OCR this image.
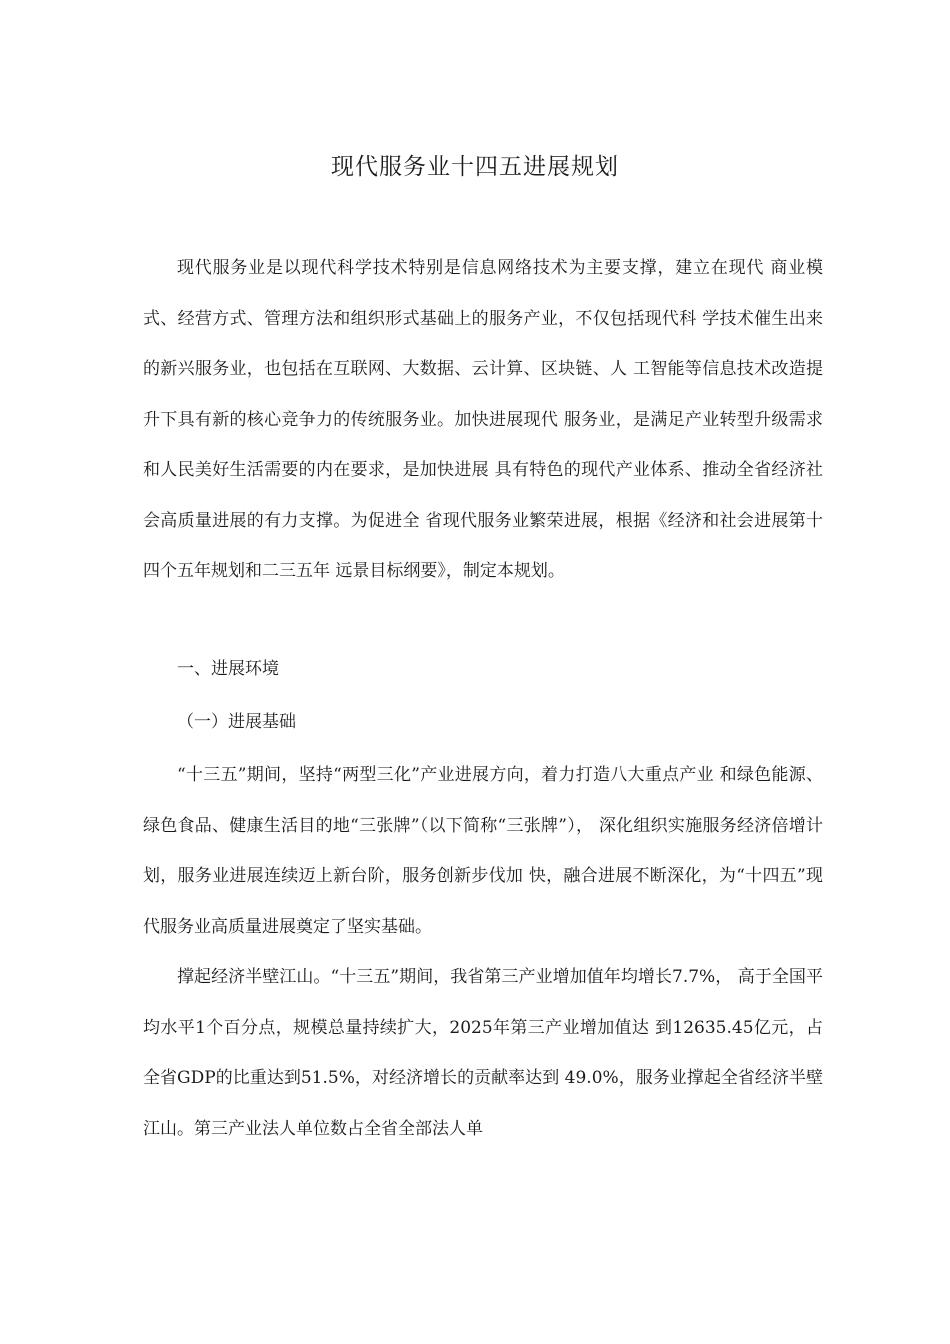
现代服务业十四五进展规划

现代服务业是以现代科学技术特别是信息网络技术为主要支撑，建立在现代 商业模式、经营方式、管理方法和组织形式基础上的服务产业，不仅包括现代科 学技术催生出来的新兴服务业，也包括在互联网、大数据、云计算、区块链、人 工智能等信息技术改造提升下具有新的核心竞争力的传统服务业。加快进展现代 服务业，是满足产业转型升级需求和人民美好生活需要的内在要求，是加快进展 具有特色的现代产业体系、推动全省经济社会高质量进展的有力支撑。为促进全 省现代服务业繁荣进展，根据《经济和社会进展第十四个五年规划和二三五年 远景目标纲要》，制定本规划。

一、进展环境

（一）进展基础

“十三五”期间，坚持“两型三化”产业进展方向，着力打造八大重点产业 和绿色能源、绿色食品、健康生活目的地“三张牌”（以下简称“三张牌”）， 深化组织实施服务经济倍增计划，服务业进展连续迈上新台阶，服务创新步伐加 快，融合进展不断深化，为“十四五”现代服务业高质量进展奠定了坚实基础。

撑起经济半壁江山。“十三五”期间，我省第三产业增加值年均增长7.7%， 高于全国平均水平1个百分点，规模总量持续扩大，2025年第三产业增加值达 到12635.45亿元，占全省GDP的比重达到51.5%，对经济增长的贡献率达到 49.0%，服务业撑起全省经济半壁江山。第三产业法人单位数占全省全部法人单
